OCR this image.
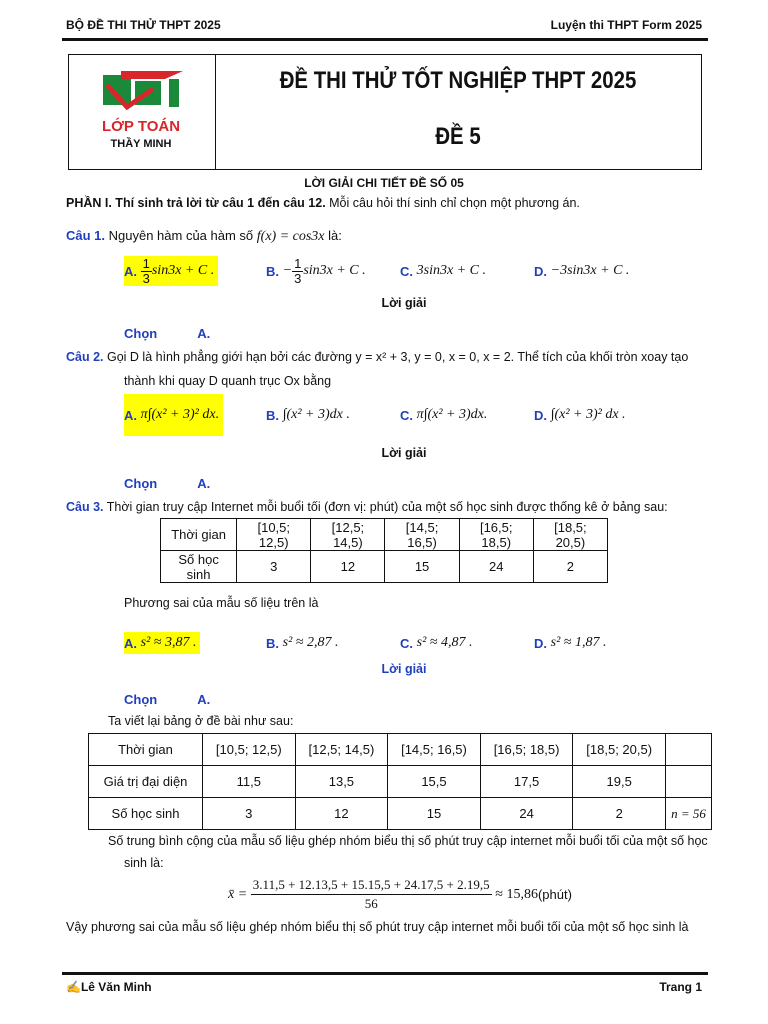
BỘ ĐỀ THI THỬ THPT 2025	Luyện thi THPT Form 2025
LỚP TOÁN
THẦY MINH
ĐỀ THI THỬ TỐT NGHIỆP THPT 2025
ĐỀ 5
LỜI GIẢI CHI TIẾT ĐỀ SỐ 05
PHẦN I. Thí sinh trả lời từ câu 1 đến câu 12. Mỗi câu hỏi thí sinh chỉ chọn một phương án.
Câu 1. Nguyên hàm của hàm số f(x) = cos3x là:
A.
$\frac{1}{3} \sin 3x + C$ .	B.
− $\frac{1}{3} \sin 3x + C$ .	C.
3sin3x + C .	D.
−3sin3x + C .
Lời giải
Chọn	A.
Câu 2. Gọi D là hình phẳng giới hạn bởi các đường y = x² + 3, y = 0, x = 0, x = 2. Thể tích của khối tròn xoay tạo
thành khi quay D quanh trục Ox bằng
A.
π∫(x² + 3)² dx.	B.
∫(x² + 3)dx .	C.
π∫(x² + 3)dx.	D.
∫(x² + 3)² dx .
Lời giải
Chọn	A.
Câu 3. Thời gian truy cập Internet mỗi buổi tối (đơn vị: phút) của một số học sinh được thống kê ở bảng sau:
Thời gian	[10,5; 12,5)	[12,5; 14,5)	[14,5; 16,5)	[16,5; 18,5)	[18,5; 20,5)
Số học sinh	3	12	15	24	2
Phương sai của mẫu số liệu trên là
A.
s² ≈ 3,87 .	B.
s² ≈ 2,87 .	C.
s² ≈ 4,87 .	D.
s² ≈ 1,87 .
Lời giải
Chọn	A.
Ta viết lại bảng ở đề bài như sau:
Thời gian	[10,5; 12,5)	[12,5; 14,5)	[14,5; 16,5)	[16,5; 18,5)	[18,5; 20,5)	
Giá trị đại diện	11,5	13,5	15,5	17,5	19,5	
Số học sinh	3	12	15	24	2	n = 56
Số trung bình cộng của mẫu số liệu ghép nhóm biểu thị số phút truy cập internet mỗi buổi tối của một số học
sinh là:
x̄ =
$\frac{3.11,5 + 12.13,5 + 15.15,5 + 24.17,5 + 2.19,5}{56}$
≈ 15,86 (phút)
Vậy phương sai của mẫu số liệu ghép nhóm biểu thị số phút truy cập internet mỗi buổi tối của một số học sinh là
✍Lê Văn Minh	Trang 1
